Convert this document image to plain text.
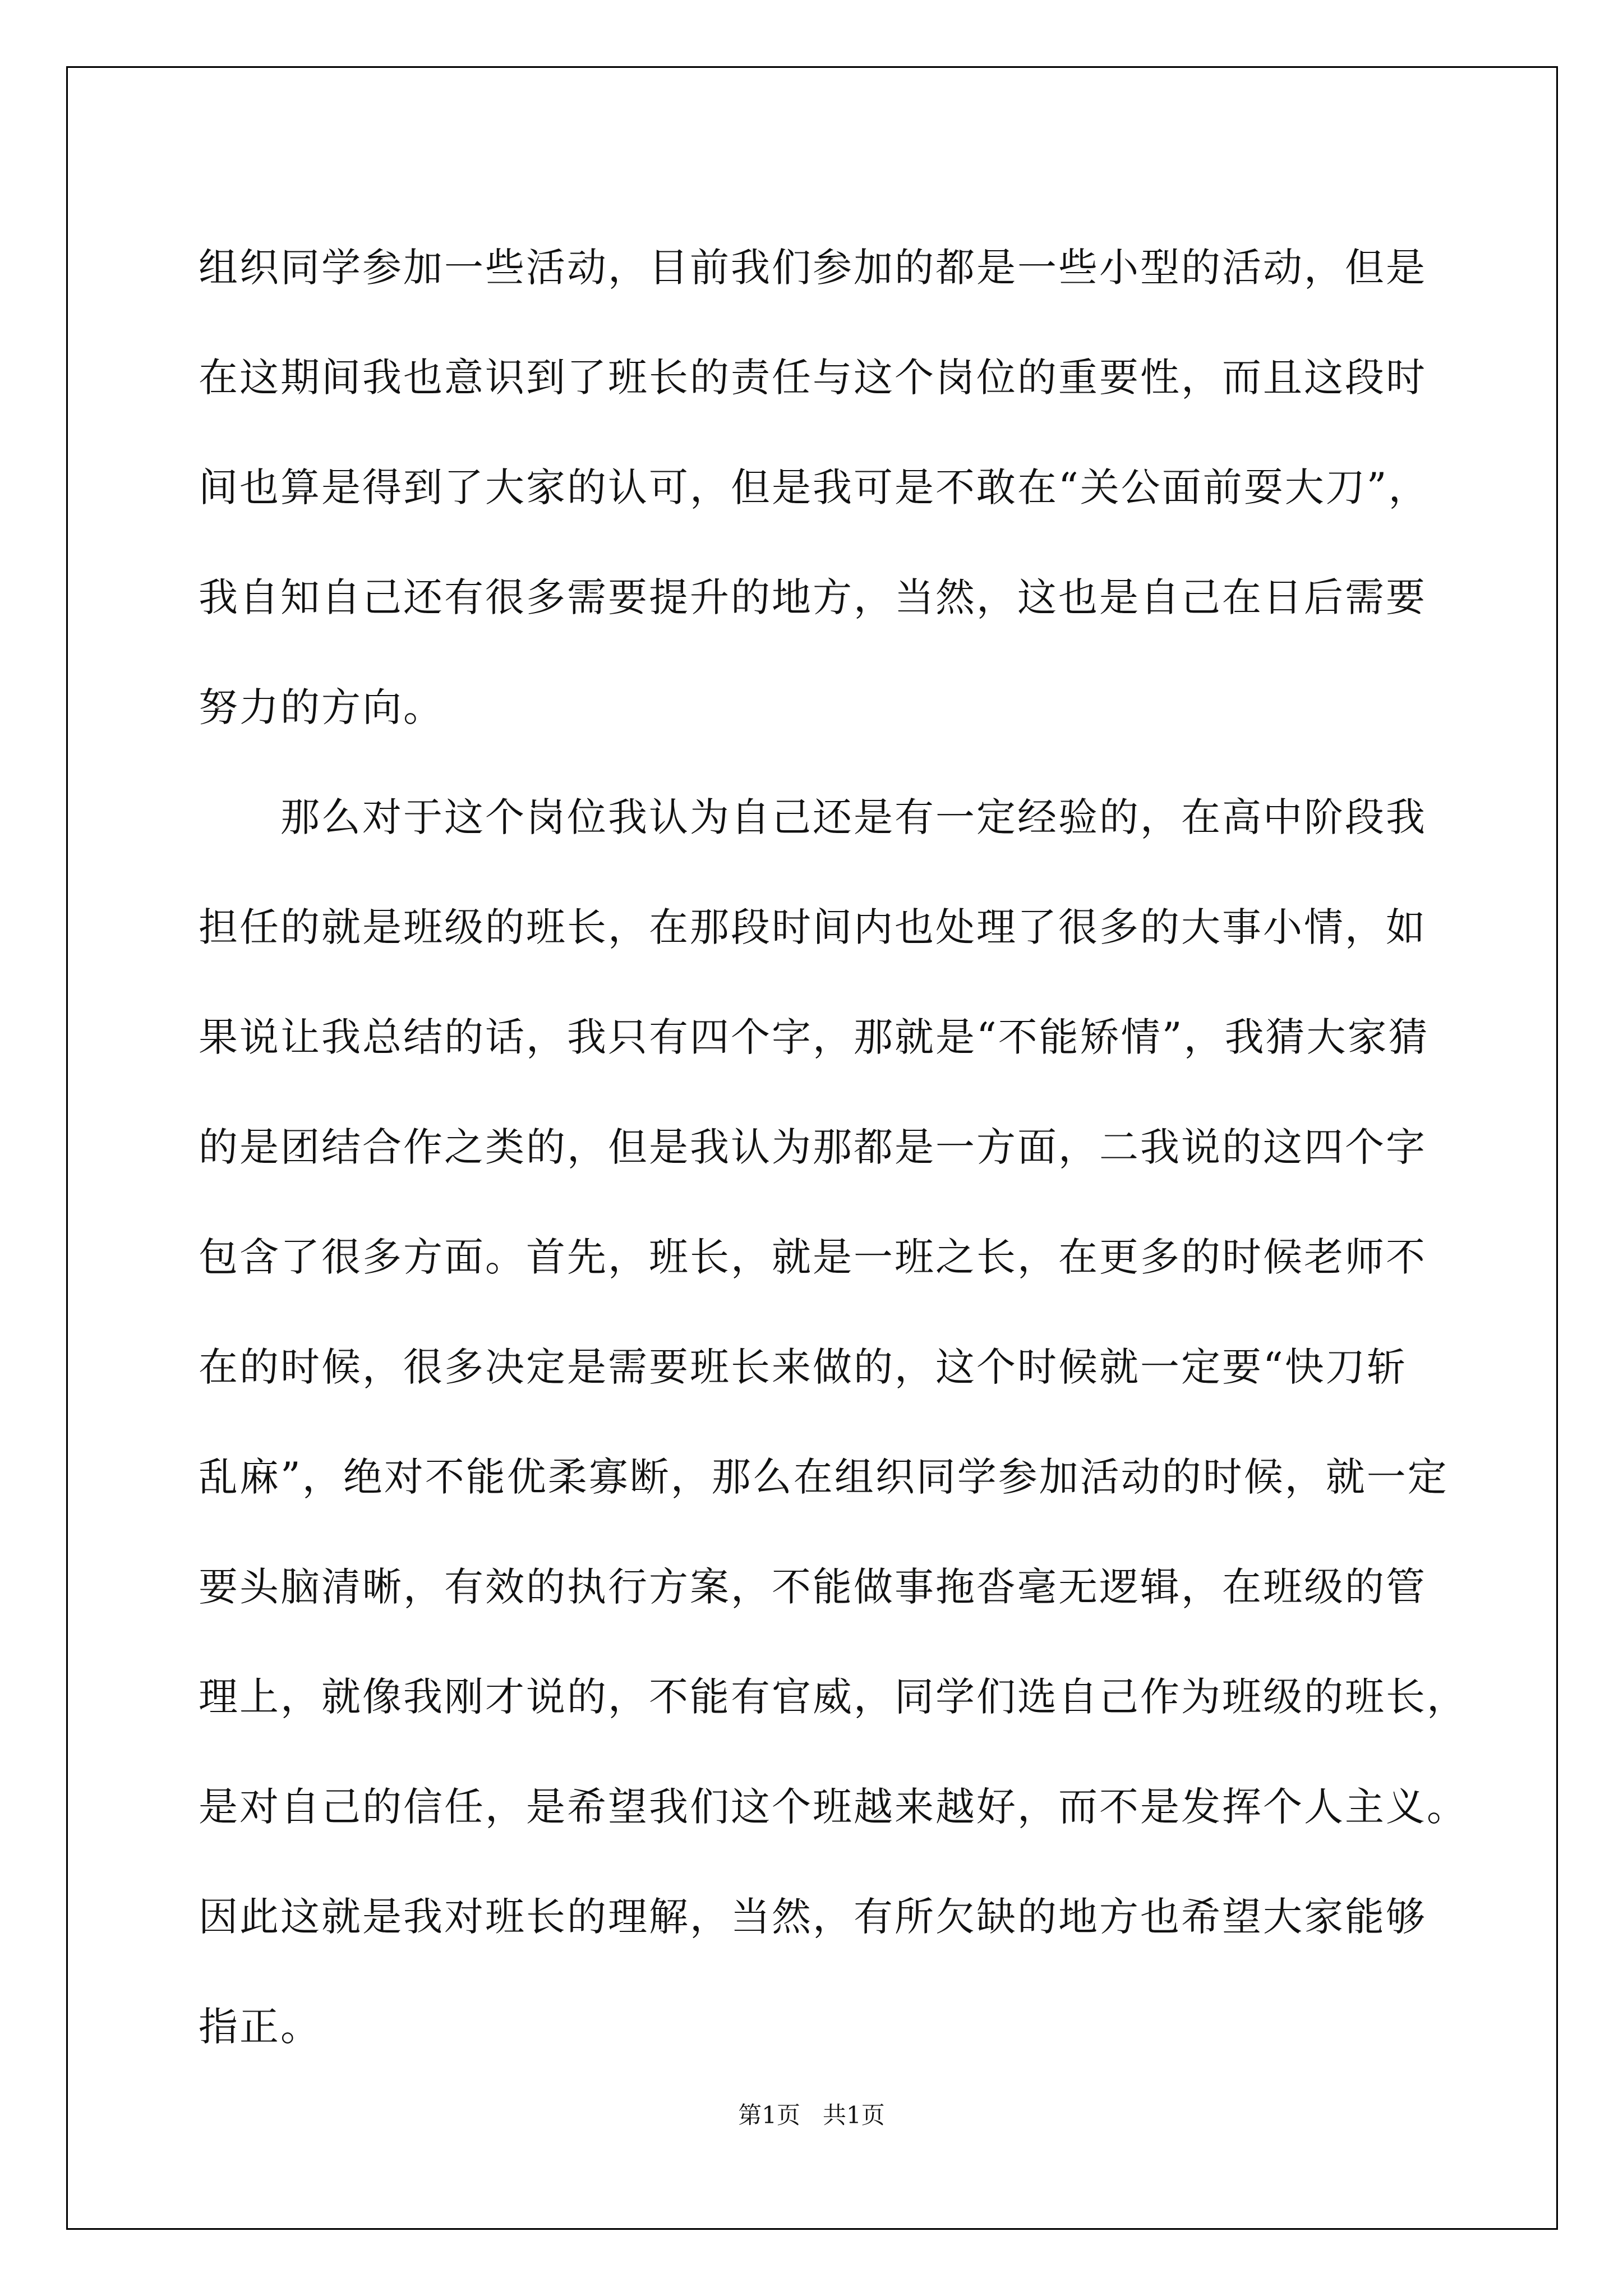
组织同学参加一些活动，目前我们参加的都是一些小型的活动，但是
在这期间我也意识到了班长的责任与这个岗位的重要性，而且这段时
间也算是得到了大家的认可，但是我可是不敢在“关公面前耍大刀”，
我自知自己还有很多需要提升的地方，当然，这也是自己在日后需要
努力的方向。
　　那么对于这个岗位我认为自己还是有一定经验的，在高中阶段我
担任的就是班级的班长，在那段时间内也处理了很多的大事小情，如
果说让我总结的话，我只有四个字，那就是“不能矫情”，我猜大家猜
的是团结合作之类的，但是我认为那都是一方面，二我说的这四个字
包含了很多方面。首先，班长，就是一班之长，在更多的时候老师不
在的时候，很多决定是需要班长来做的，这个时候就一定要“快刀斩
乱麻”，绝对不能优柔寡断，那么在组织同学参加活动的时候，就一定
要头脑清晰，有效的执行方案，不能做事拖沓毫无逻辑，在班级的管
理上，就像我刚才说的，不能有官威，同学们选自己作为班级的班长，
是对自己的信任，是希望我们这个班越来越好，而不是发挥个人主义。
因此这就是我对班长的理解，当然，有所欠缺的地方也希望大家能够
指正。
第1页 共1页
